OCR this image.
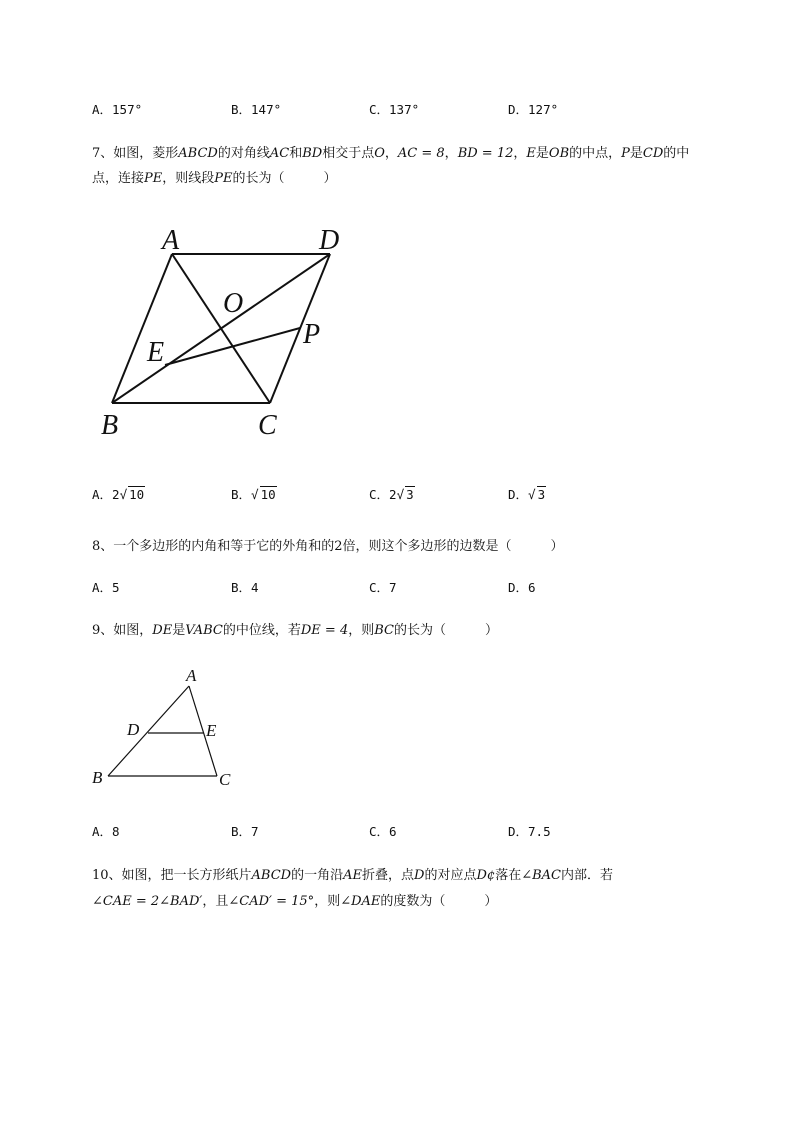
A．157°	B．147°	C．137°	D．127°
7、如图，菱形ABCD的对角线AC和BD相交于点O，AC = 8，BD = 12，E是OB的中点，P是CD的中
点，连接PE，则线段PE的长为（　　　）
A	D
O
P
E
B	C
A．2√ 10	B．√ 10	C．2√ 3	D．√ 3
8、一个多边形的内角和等于它的外角和的2倍，则这个多边形的边数是（　　　）
A．5	B．4	C．7	D．6
9、如图，DE是VABC的中位线，若DE = 4，则BC的长为（　　　）
A
D	E
B	C
A．8	B．7	C．6	D．7.5
10、如图，把一长方形纸片ABCD的一角沿AE折叠，点D的对应点D¢落在∠BAC内部．若
∠CAE = 2∠BAD′，且∠CAD′ = 15°，则∠DAE的度数为（　　　）
